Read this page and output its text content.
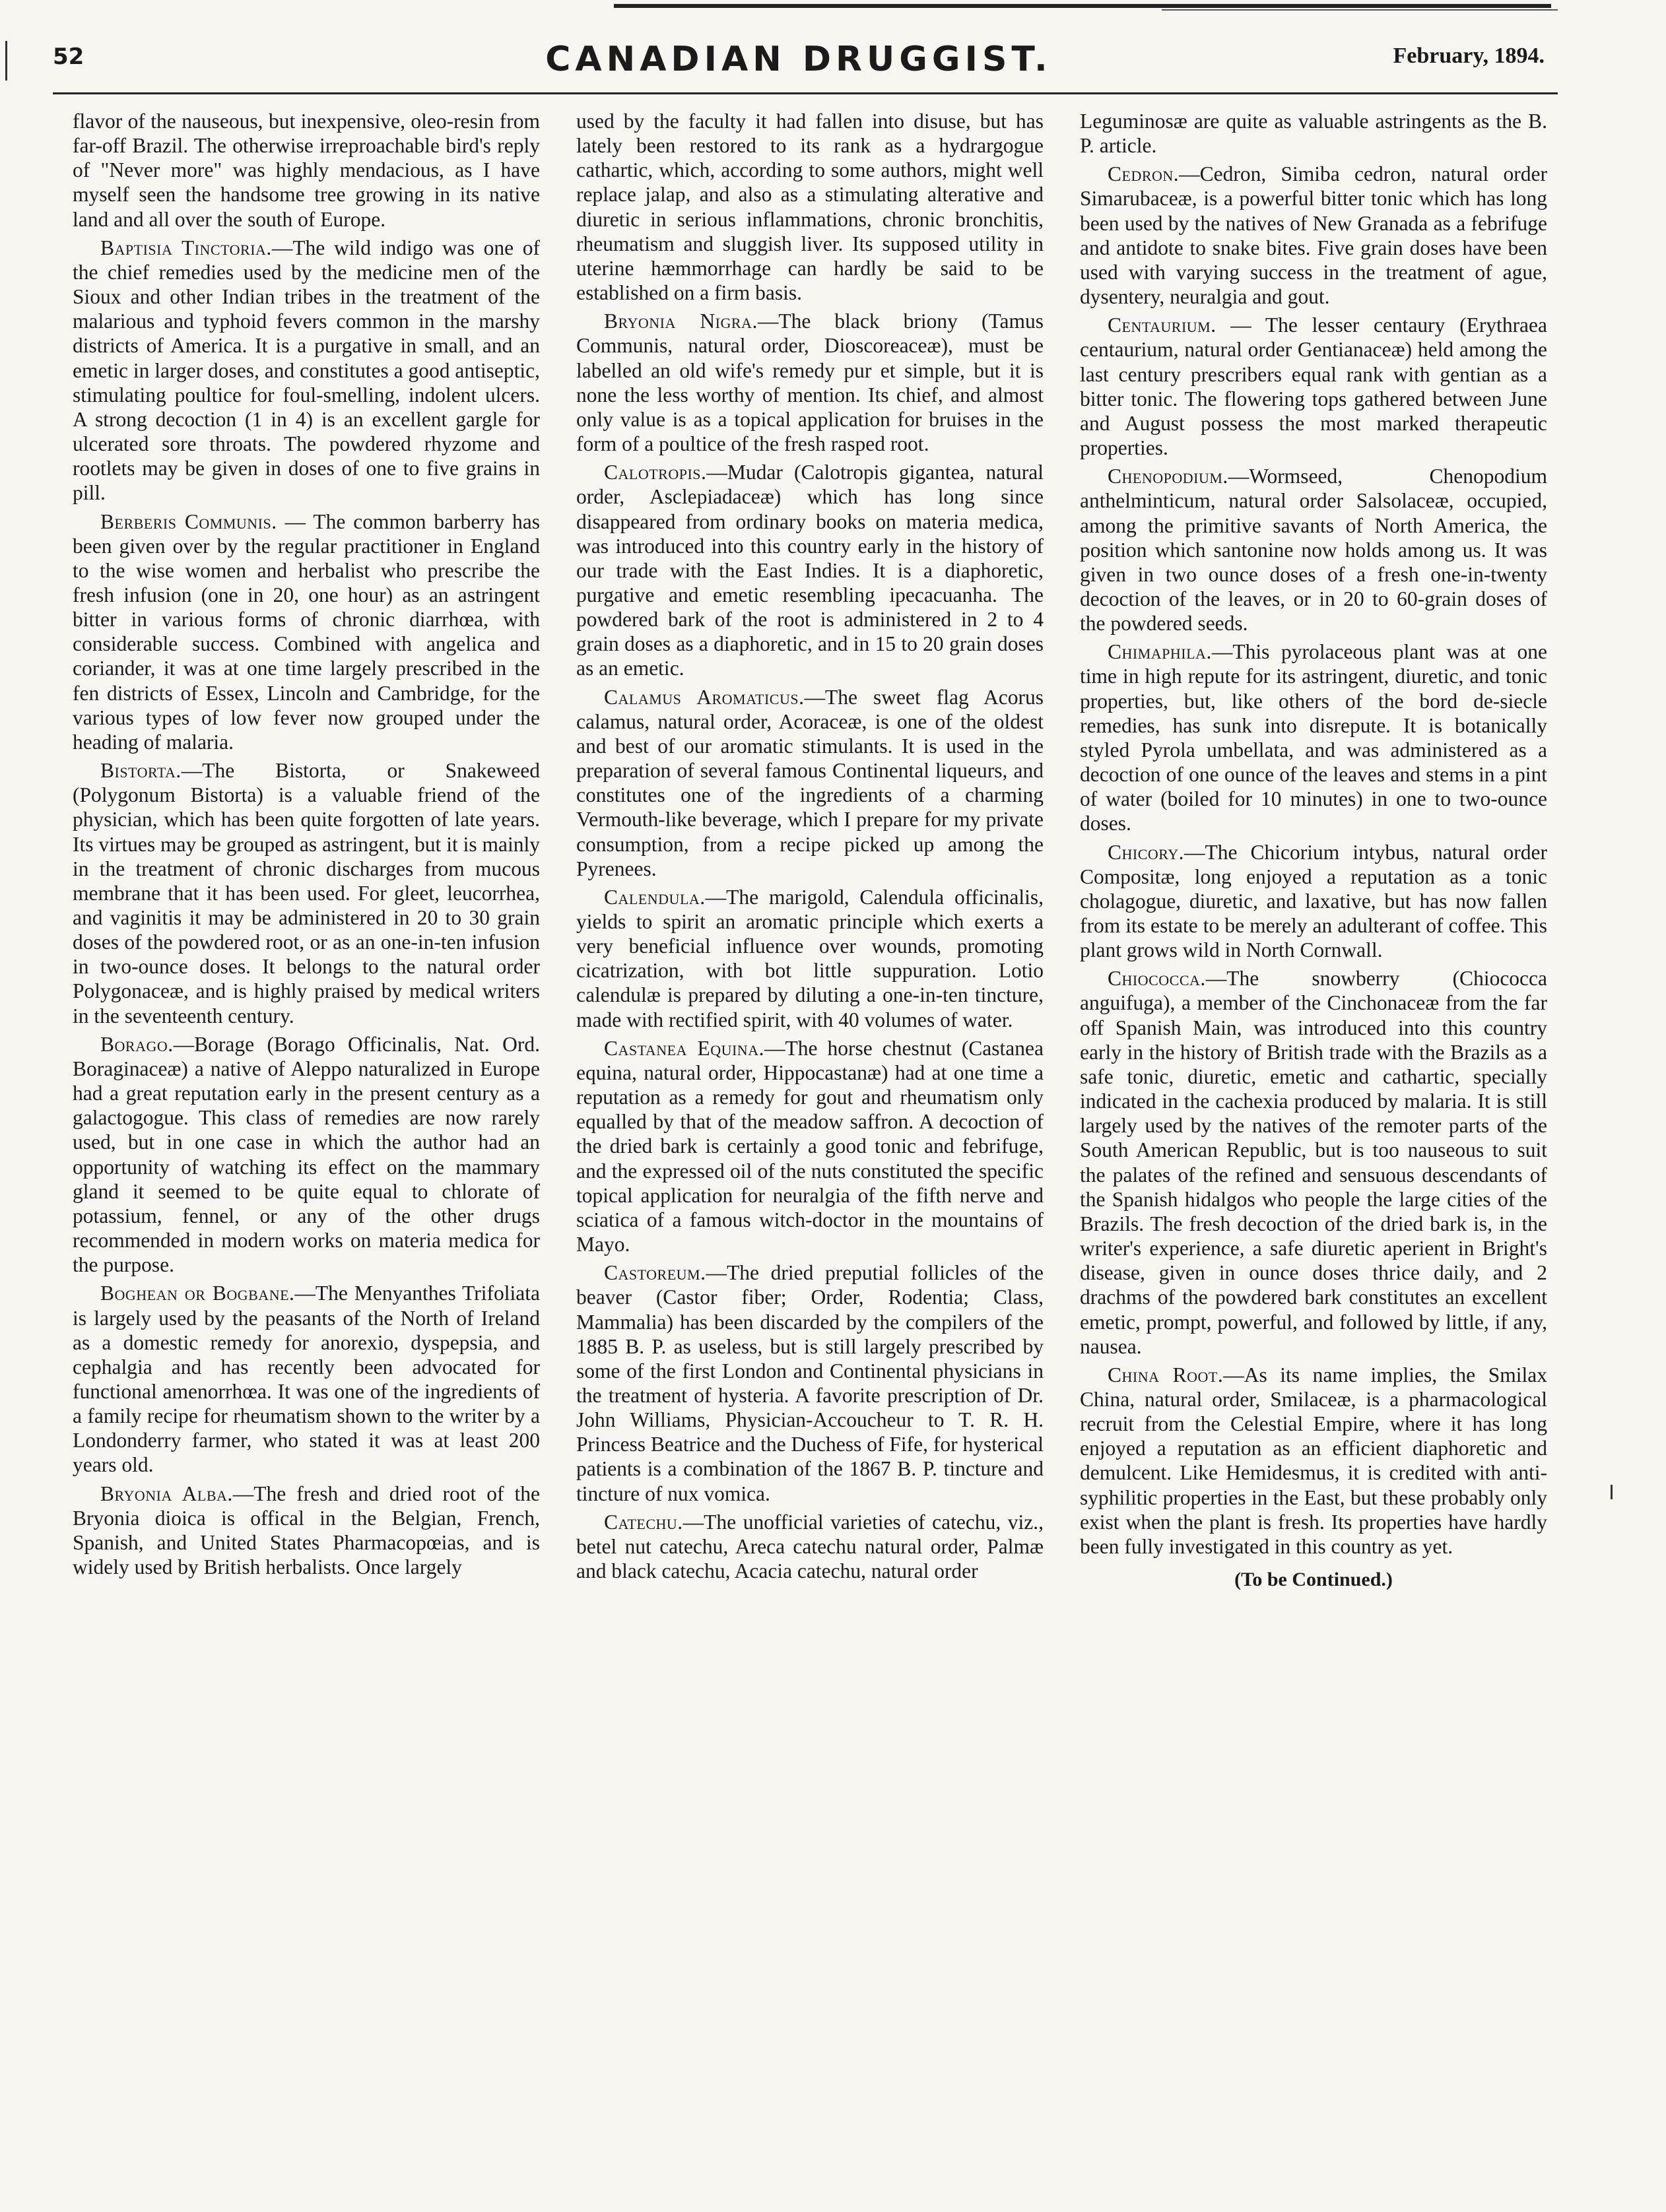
52	CANADIAN DRUGGIST.	February, 1894.

flavor of the nauseous, but inexpensive, oleo-resin from far-off Brazil. The otherwise irreproachable bird's reply of "Never more" was highly mendacious, as I have myself seen the handsome tree growing in its native land and all over the south of Europe.

Baptisia Tinctoria.—The wild indigo was one of the chief remedies used by the medicine men of the Sioux and other Indian tribes in the treatment of the malarious and typhoid fevers common in the marshy districts of America. It is a purgative in small, and an emetic in larger doses, and constitutes a good antiseptic, stimulating poultice for foul-smelling, indolent ulcers. A strong decoction (1 in 4) is an excellent gargle for ulcerated sore throats. The powdered rhyzome and rootlets may be given in doses of one to five grains in pill.

Berberis Communis. — The common barberry has been given over by the regular practitioner in England to the wise women and herbalist who prescribe the fresh infusion (one in 20, one hour) as an astringent bitter in various forms of chronic diarrhœa, with considerable success. Combined with angelica and coriander, it was at one time largely prescribed in the fen districts of Essex, Lincoln and Cambridge, for the various types of low fever now grouped under the heading of malaria.

Bistorta.—The Bistorta, or Snakeweed (Polygonum Bistorta) is a valuable friend of the physician, which has been quite forgotten of late years. Its virtues may be grouped as astringent, but it is mainly in the treatment of chronic discharges from mucous membrane that it has been used. For gleet, leucorrhea, and vaginitis it may be administered in 20 to 30 grain doses of the powdered root, or as an one-in-ten infusion in two-ounce doses. It belongs to the natural order Polygonaceæ, and is highly praised by medical writers in the seventeenth century.

Borago.—Borage (Borago Officinalis, Nat. Ord. Boraginaceæ) a native of Aleppo naturalized in Europe had a great reputation early in the present century as a galactogogue. This class of remedies are now rarely used, but in one case in which the author had an opportunity of watching its effect on the mammary gland it seemed to be quite equal to chlorate of potassium, fennel, or any of the other drugs recommended in modern works on materia medica for the purpose.

Boghean or Bogbane.—The Menyanthes Trifoliata is largely used by the peasants of the North of Ireland as a domestic remedy for anorexio, dyspepsia, and cephalgia and has recently been advocated for functional amenorrhœa. It was one of the ingredients of a family recipe for rheumatism shown to the writer by a Londonderry farmer, who stated it was at least 200 years old.

Bryonia Alba.—The fresh and dried root of the Bryonia dioica is offical in the Belgian, French, Spanish, and United States Pharmacopœias, and is widely used by British herbalists. Once largely

used by the faculty it had fallen into disuse, but has lately been restored to its rank as a hydrargogue cathartic, which, according to some authors, might well replace jalap, and also as a stimulating alterative and diuretic in serious inflammations, chronic bronchitis, rheumatism and sluggish liver. Its supposed utility in uterine hæmmorrhage can hardly be said to be established on a firm basis.

Bryonia Nigra.—The black briony (Tamus Communis, natural order, Dioscoreaceæ), must be labelled an old wife's remedy pur et simple, but it is none the less worthy of mention. Its chief, and almost only value is as a topical application for bruises in the form of a poultice of the fresh rasped root.

Calotropis.—Mudar (Calotropis gigantea, natural order, Asclepiadaceæ) which has long since disappeared from ordinary books on materia medica, was introduced into this country early in the history of our trade with the East Indies. It is a diaphoretic, purgative and emetic resembling ipecacuanha. The powdered bark of the root is administered in 2 to 4 grain doses as a diaphoretic, and in 15 to 20 grain doses as an emetic.

Calamus Aromaticus.—The sweet flag Acorus calamus, natural order, Acoraceæ, is one of the oldest and best of our aromatic stimulants. It is used in the preparation of several famous Continental liqueurs, and constitutes one of the ingredients of a charming Vermouth-like beverage, which I prepare for my private consumption, from a recipe picked up among the Pyrenees.

Calendula.—The marigold, Calendula officinalis, yields to spirit an aromatic principle which exerts a very beneficial influence over wounds, promoting cicatrization, with bot little suppuration. Lotio calendulæ is prepared by diluting a one-in-ten tincture, made with rectified spirit, with 40 volumes of water.

Castanea Equina.—The horse chestnut (Castanea equina, natural order, Hippocastanæ) had at one time a reputation as a remedy for gout and rheumatism only equalled by that of the meadow saffron. A decoction of the dried bark is certainly a good tonic and febrifuge, and the expressed oil of the nuts constituted the specific topical application for neuralgia of the fifth nerve and sciatica of a famous witch-doctor in the mountains of Mayo.

Castoreum.—The dried preputial follicles of the beaver (Castor fiber; Order, Rodentia; Class, Mammalia) has been discarded by the compilers of the 1885 B. P. as useless, but is still largely prescribed by some of the first London and Continental physicians in the treatment of hysteria. A favorite prescription of Dr. John Williams, Physician-Accoucheur to T. R. H. Princess Beatrice and the Duchess of Fife, for hysterical patients is a combination of the 1867 B. P. tincture and tincture of nux vomica.

Catechu.—The unofficial varieties of catechu, viz., betel nut catechu, Areca catechu natural order, Palmæ and black catechu, Acacia catechu, natural order

Leguminosæ are quite as valuable astringents as the B. P. article.

Cedron.—Cedron, Simiba cedron, natural order Simarubaceæ, is a powerful bitter tonic which has long been used by the natives of New Granada as a febrifuge and antidote to snake bites. Five grain doses have been used with varying success in the treatment of ague, dysentery, neuralgia and gout.

Centaurium. — The lesser centaury (Erythraea centaurium, natural order Gentianaceæ) held among the last century prescribers equal rank with gentian as a bitter tonic. The flowering tops gathered between June and August possess the most marked therapeutic properties.

Chenopodium.—Wormseed, Chenopodium anthelminticum, natural order Salsolaceæ, occupied, among the primitive savants of North America, the position which santonine now holds among us. It was given in two ounce doses of a fresh one-in-twenty decoction of the leaves, or in 20 to 60-grain doses of the powdered seeds.

Chimaphila.—This pyrolaceous plant was at one time in high repute for its astringent, diuretic, and tonic properties, but, like others of the bord de-siecle remedies, has sunk into disrepute. It is botanically styled Pyrola umbellata, and was administered as a decoction of one ounce of the leaves and stems in a pint of water (boiled for 10 minutes) in one to two-ounce doses.

Chicory.—The Chicorium intybus, natural order Compositæ, long enjoyed a reputation as a tonic cholagogue, diuretic, and laxative, but has now fallen from its estate to be merely an adulterant of coffee. This plant grows wild in North Cornwall.

Chiococca.—The snowberry (Chiococca anguifuga), a member of the Cinchonaceæ from the far off Spanish Main, was introduced into this country early in the history of British trade with the Brazils as a safe tonic, diuretic, emetic and cathartic, specially indicated in the cachexia produced by malaria. It is still largely used by the natives of the remoter parts of the South American Republic, but is too nauseous to suit the palates of the refined and sensuous descendants of the Spanish hidalgos who people the large cities of the Brazils. The fresh decoction of the dried bark is, in the writer's experience, a safe diuretic aperient in Bright's disease, given in ounce doses thrice daily, and 2 drachms of the powdered bark constitutes an excellent emetic, prompt, powerful, and followed by little, if any, nausea.

China Root.—As its name implies, the Smilax China, natural order, Smilaceæ, is a pharmacological recruit from the Celestial Empire, where it has long enjoyed a reputation as an efficient diaphoretic and demulcent. Like Hemidesmus, it is credited with anti-syphilitic properties in the East, but these probably only exist when the plant is fresh. Its properties have hardly been fully investigated in this country as yet.

(To be Continued.)
